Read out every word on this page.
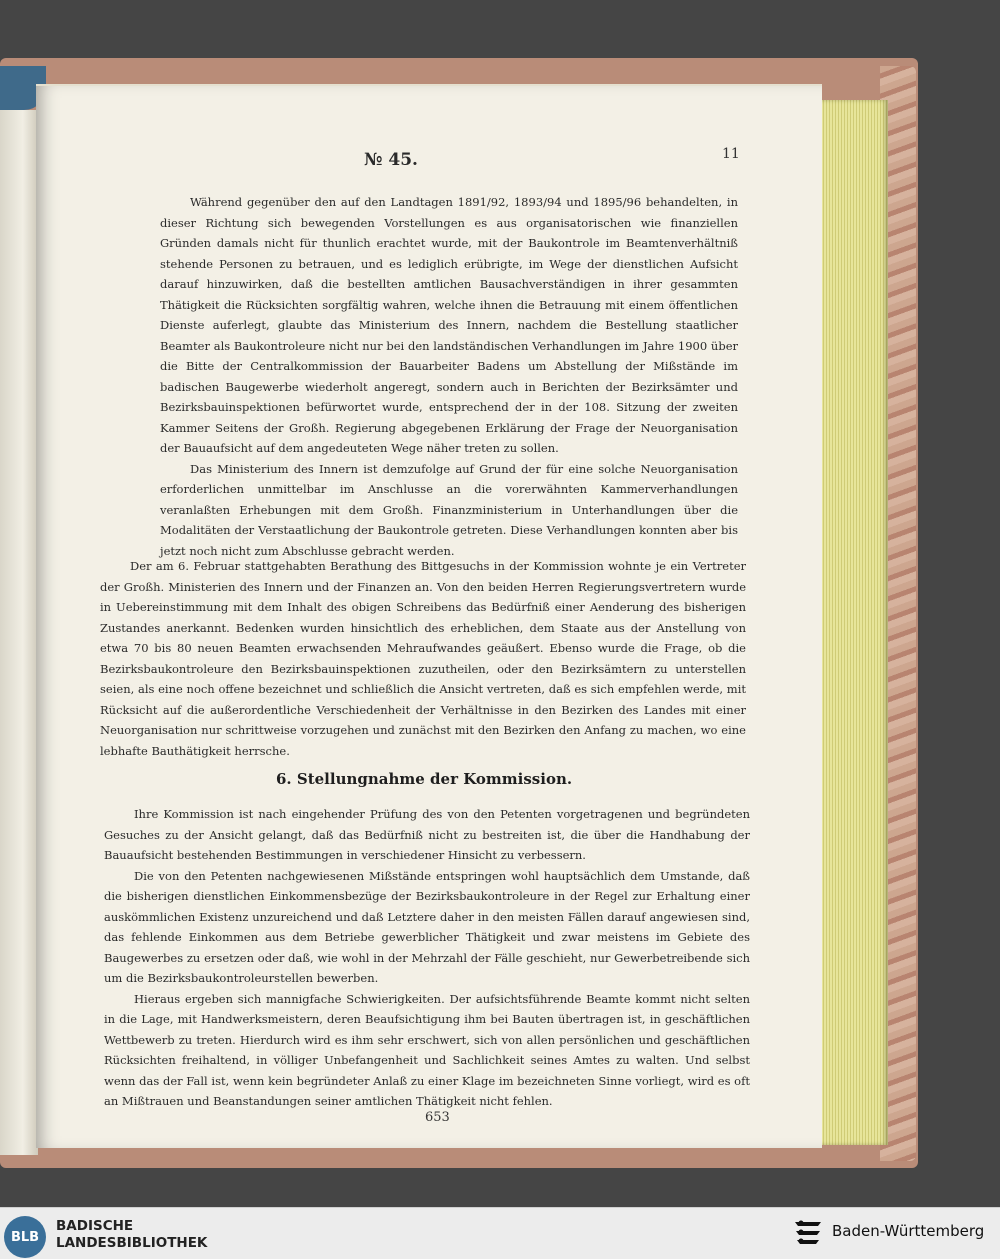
№ 45.	11

Während gegenüber den auf den Landtagen 1891/92, 1893/94 und 1895/96 behandelten, in dieser Richtung sich bewegenden Vorstellungen es aus organisatorischen wie finanziellen Gründen damals nicht für thunlich erachtet wurde, mit der Baukontrole im Beamtenverhältniß stehende Personen zu betrauen, und es lediglich erübrigte, im Wege der dienstlichen Aufsicht darauf hinzuwirken, daß die bestellten amtlichen Bausachverständigen in ihrer gesammten Thätigkeit die Rücksichten sorgfältig wahren, welche ihnen die Betrauung mit einem öffentlichen Dienste auferlegt, glaubte das Ministerium des Innern, nachdem die Bestellung staatlicher Beamter als Baukontroleure nicht nur bei den landständischen Verhandlungen im Jahre 1900 über die Bitte der Centralkommission der Bauarbeiter Badens um Abstellung der Mißstände im badischen Baugewerbe wiederholt angeregt, sondern auch in Berichten der Bezirksämter und Bezirksbauinspektionen befürwortet wurde, entsprechend der in der 108. Sitzung der zweiten Kammer Seitens der Großh. Regierung abgegebenen Erklärung der Frage der Neuorganisation der Bauaufsicht auf dem angedeuteten Wege näher treten zu sollen.

Das Ministerium des Innern ist demzufolge auf Grund der für eine solche Neuorganisation erforderlichen unmittelbar im Anschlusse an die vorerwähnten Kammerverhandlungen veranlaßten Erhebungen mit dem Großh. Finanzministerium in Unterhandlungen über die Modalitäten der Verstaatlichung der Baukontrole getreten. Diese Verhandlungen konnten aber bis jetzt noch nicht zum Abschlusse gebracht werden.

Der am 6. Februar stattgehabten Berathung des Bittgesuchs in der Kommission wohnte je ein Vertreter der Großh. Ministerien des Innern und der Finanzen an. Von den beiden Herren Regierungsvertretern wurde in Uebereinstimmung mit dem Inhalt des obigen Schreibens das Bedürfniß einer Aenderung des bisherigen Zustandes anerkannt. Bedenken wurden hinsichtlich des erheblichen, dem Staate aus der Anstellung von etwa 70 bis 80 neuen Beamten erwachsenden Mehraufwandes geäußert. Ebenso wurde die Frage, ob die Bezirksbaukontroleure den Bezirksbauinspektionen zuzutheilen, oder den Bezirksämtern zu unterstellen seien, als eine noch offene bezeichnet und schließlich die Ansicht vertreten, daß es sich empfehlen werde, mit Rücksicht auf die außerordentliche Verschiedenheit der Verhältnisse in den Bezirken des Landes mit einer Neuorganisation nur schrittweise vorzugehen und zunächst mit den Bezirken den Anfang zu machen, wo eine lebhafte Bauthätigkeit herrsche.

6. Stellungnahme der Kommission.

Ihre Kommission ist nach eingehender Prüfung des von den Petenten vorgetragenen und begründeten Gesuches zu der Ansicht gelangt, daß das Bedürfniß nicht zu bestreiten ist, die über die Handhabung der Bauaufsicht bestehenden Bestimmungen in verschiedener Hinsicht zu verbessern.

Die von den Petenten nachgewiesenen Mißstände entspringen wohl hauptsächlich dem Umstande, daß die bisherigen dienstlichen Einkommensbezüge der Bezirksbaukontroleure in der Regel zur Erhaltung einer auskömmlichen Existenz unzureichend und daß Letztere daher in den meisten Fällen darauf angewiesen sind, das fehlende Einkommen aus dem Betriebe gewerblicher Thätigkeit und zwar meistens im Gebiete des Baugewerbes zu ersetzen oder daß, wie wohl in der Mehrzahl der Fälle geschieht, nur Gewerbetreibende sich um die Bezirksbaukontroleurstellen bewerben.

Hieraus ergeben sich mannigfache Schwierigkeiten. Der aufsichtsführende Beamte kommt nicht selten in die Lage, mit Handwerksmeistern, deren Beaufsichtigung ihm bei Bauten übertragen ist, in geschäftlichen Wettbewerb zu treten. Hierdurch wird es ihm sehr erschwert, sich von allen persönlichen und geschäftlichen Rücksichten freihaltend, in völliger Unbefangenheit und Sachlichkeit seines Amtes zu walten. Und selbst wenn das der Fall ist, wenn kein begründeter Anlaß zu einer Klage im bezeichneten Sinne vorliegt, wird es oft an Mißtrauen und Beanstandungen seiner amtlichen Thätigkeit nicht fehlen.

653
BLB
BADISCHE
LANDESBIBLIOTHEK
Baden-Württemberg
